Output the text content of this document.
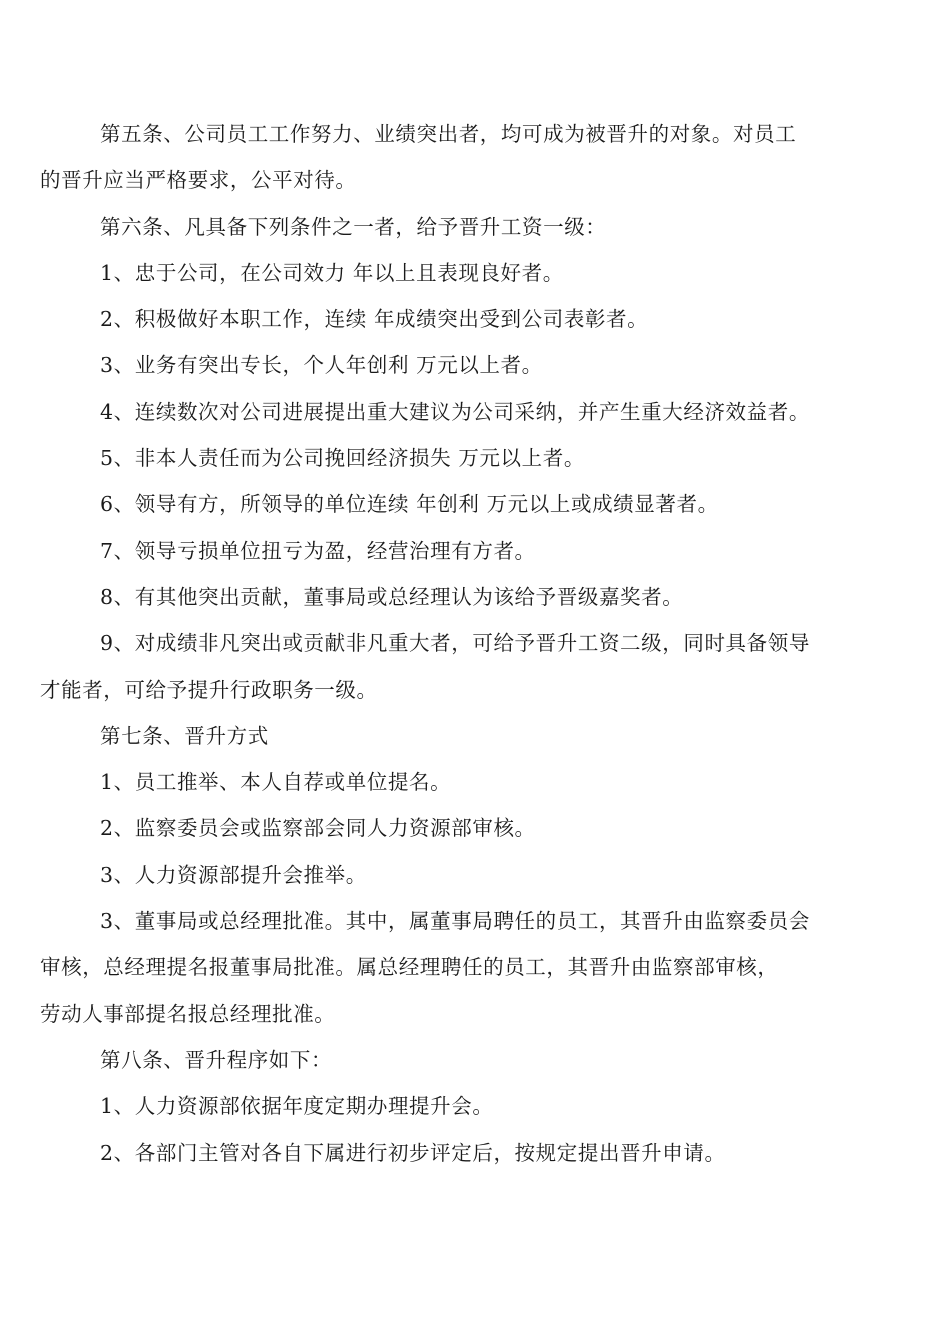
第五条、公司员工工作努力、业绩突出者，均可成为被晋升的对象。对员工
的晋升应当严格要求，公平对待。
第六条、凡具备下列条件之一者，给予晋升工资一级：
1、忠于公司，在公司效力 年以上且表现良好者。
2、积极做好本职工作，连续 年成绩突出受到公司表彰者。
3、业务有突出专长，个人年创利 万元以上者。
4、连续数次对公司进展提出重大建议为公司采纳，并产生重大经济效益者。
5、非本人责任而为公司挽回经济损失 万元以上者。
6、领导有方，所领导的单位连续 年创利 万元以上或成绩显著者。
7、领导亏损单位扭亏为盈，经营治理有方者。
8、有其他突出贡献，董事局或总经理认为该给予晋级嘉奖者。
9、对成绩非凡突出或贡献非凡重大者，可给予晋升工资二级，同时具备领导
才能者，可给予提升行政职务一级。
第七条、晋升方式
1、员工推举、本人自荐或单位提名。
2、监察委员会或监察部会同人力资源部审核。
3、人力资源部提升会推举。
3、董事局或总经理批准。其中，属董事局聘任的员工，其晋升由监察委员会
审核，总经理提名报董事局批准。属总经理聘任的员工，其晋升由监察部审核，
劳动人事部提名报总经理批准。
第八条、晋升程序如下：
1、人力资源部依据年度定期办理提升会。
2、各部门主管对各自下属进行初步评定后，按规定提出晋升申请。
